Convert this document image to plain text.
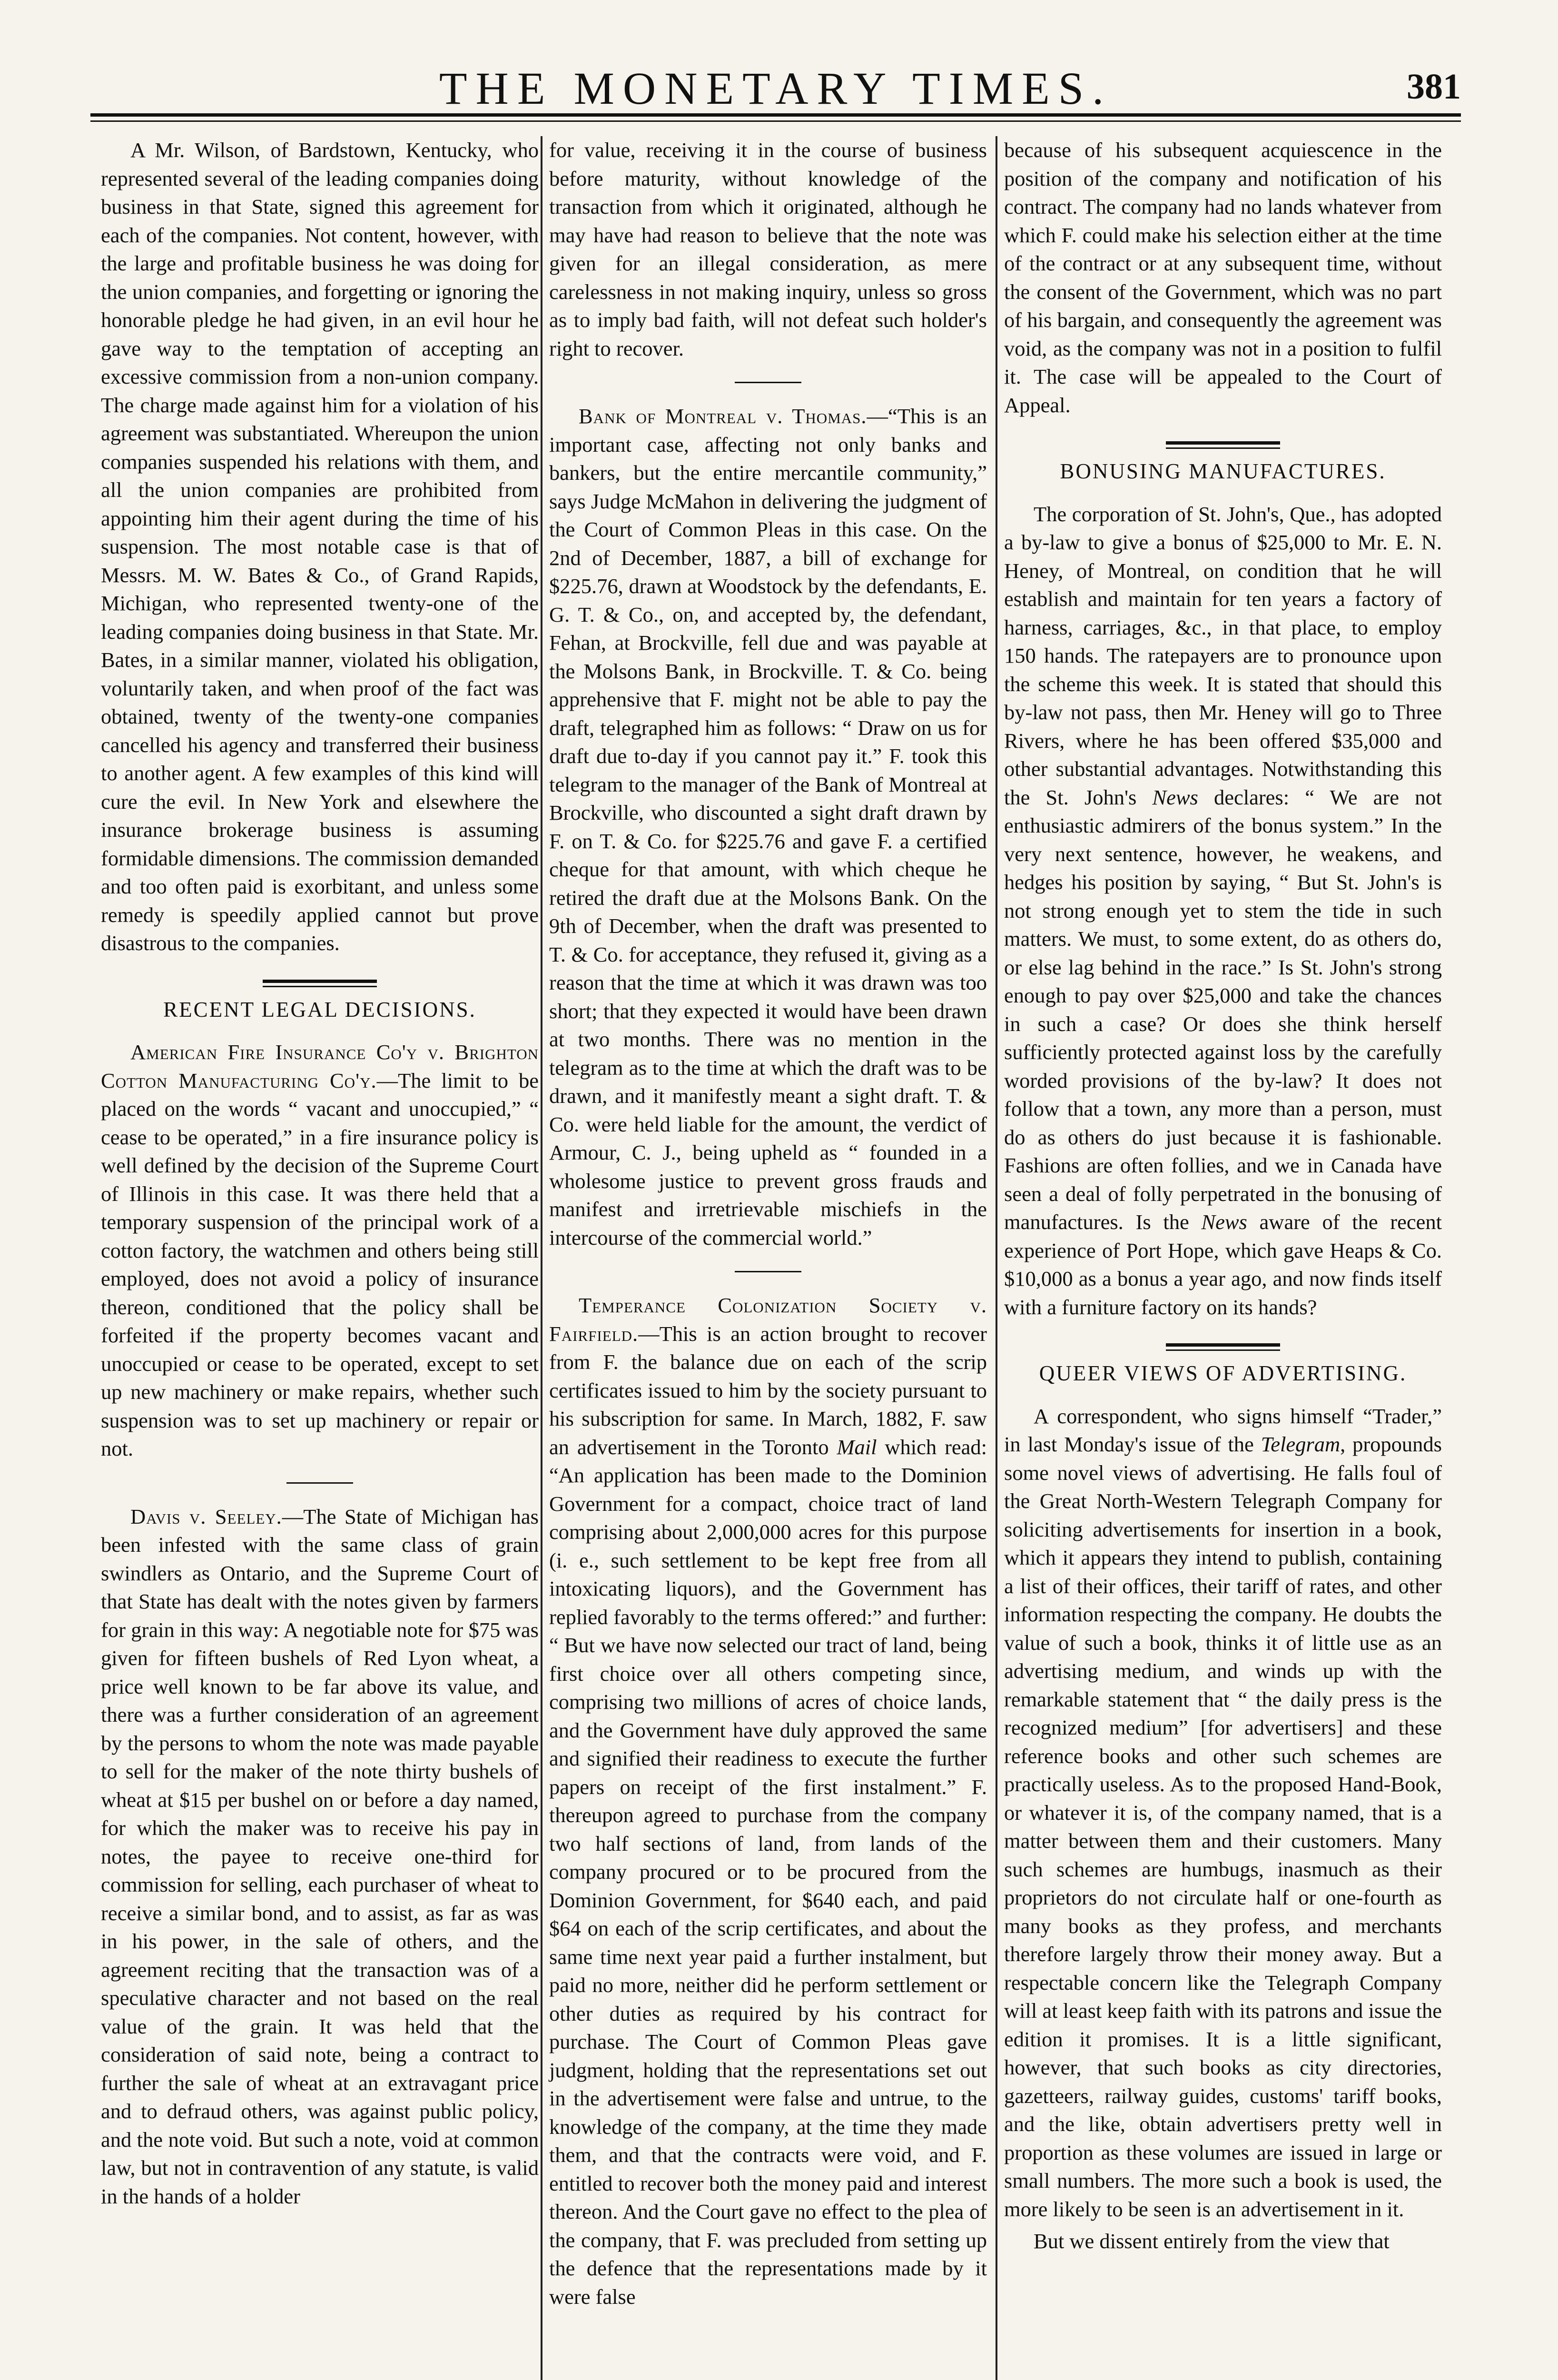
THE MONETARY TIMES.	381

A Mr. Wilson, of Bardstown, Kentucky, who represented several of the leading companies doing business in that State, signed this agreement for each of the companies. Not content, however, with the large and profitable business he was doing for the union companies, and forgetting or ignoring the honorable pledge he had given, in an evil hour he gave way to the temptation of accepting an excessive commission from a non-union company. The charge made against him for a violation of his agreement was substantiated. Whereupon the union companies suspended his relations with them, and all the union companies are prohibited from appointing him their agent during the time of his suspension. The most notable case is that of Messrs. M. W. Bates & Co., of Grand Rapids, Michigan, who represented twenty-one of the leading companies doing business in that State. Mr. Bates, in a similar manner, violated his obligation, voluntarily taken, and when proof of the fact was obtained, twenty of the twenty-one companies cancelled his agency and transferred their business to another agent. A few examples of this kind will cure the evil. In New York and elsewhere the insurance brokerage business is assuming formidable dimensions. The commission demanded and too often paid is exorbitant, and unless some remedy is speedily applied cannot but prove disastrous to the companies.

RECENT LEGAL DECISIONS.

American Fire Insurance Co'y v. Brighton Cotton Manufacturing Co'y.—The limit to be placed on the words “ vacant and unoccupied,” “ cease to be operated,” in a fire insurance policy is well defined by the decision of the Supreme Court of Illinois in this case. It was there held that a temporary suspension of the principal work of a cotton factory, the watchmen and others being still employed, does not avoid a policy of insurance thereon, conditioned that the policy shall be forfeited if the property becomes vacant and unoccupied or cease to be operated, except to set up new machinery or make repairs, whether such suspension was to set up machinery or repair or not.

Davis v. Seeley.—The State of Michigan has been infested with the same class of grain swindlers as Ontario, and the Supreme Court of that State has dealt with the notes given by farmers for grain in this way: A negotiable note for $75 was given for fifteen bushels of Red Lyon wheat, a price well known to be far above its value, and there was a further consideration of an agreement by the persons to whom the note was made payable to sell for the maker of the note thirty bushels of wheat at $15 per bushel on or before a day named, for which the maker was to receive his pay in notes, the payee to receive one-third for commission for selling, each purchaser of wheat to receive a similar bond, and to assist, as far as was in his power, in the sale of others, and the agreement reciting that the transaction was of a speculative character and not based on the real value of the grain. It was held that the consideration of said note, being a contract to further the sale of wheat at an extravagant price and to defraud others, was against public policy, and the note void. But such a note, void at common law, but not in contravention of any statute, is valid in the hands of a holder

for value, receiving it in the course of business before maturity, without knowledge of the transaction from which it originated, although he may have had reason to believe that the note was given for an illegal consideration, as mere carelessness in not making inquiry, unless so gross as to imply bad faith, will not defeat such holder's right to recover.

Bank of Montreal v. Thomas.—“This is an important case, affecting not only banks and bankers, but the entire mercantile community,” says Judge McMahon in delivering the judgment of the Court of Common Pleas in this case. On the 2nd of December, 1887, a bill of exchange for $225.76, drawn at Woodstock by the defendants, E. G. T. & Co., on, and accepted by, the defendant, Fehan, at Brockville, fell due and was payable at the Molsons Bank, in Brockville. T. & Co. being apprehensive that F. might not be able to pay the draft, telegraphed him as follows: “ Draw on us for draft due to-day if you cannot pay it.” F. took this telegram to the manager of the Bank of Montreal at Brockville, who discounted a sight draft drawn by F. on T. & Co. for $225.76 and gave F. a certified cheque for that amount, with which cheque he retired the draft due at the Molsons Bank. On the 9th of December, when the draft was presented to T. & Co. for acceptance, they refused it, giving as a reason that the time at which it was drawn was too short; that they expected it would have been drawn at two months. There was no mention in the telegram as to the time at which the draft was to be drawn, and it manifestly meant a sight draft. T. & Co. were held liable for the amount, the verdict of Armour, C. J., being upheld as “ founded in a wholesome justice to prevent gross frauds and manifest and irretrievable mischiefs in the intercourse of the commercial world.”

Temperance Colonization Society v. Fairfield.—This is an action brought to recover from F. the balance due on each of the scrip certificates issued to him by the society pursuant to his subscription for same. In March, 1882, F. saw an advertisement in the Toronto Mail which read: “An application has been made to the Dominion Government for a compact, choice tract of land comprising about 2,000,000 acres for this purpose (i. e., such settlement to be kept free from all intoxicating liquors), and the Government has replied favorably to the terms offered:” and further: “ But we have now selected our tract of land, being first choice over all others competing since, comprising two millions of acres of choice lands, and the Government have duly approved the same and signified their readiness to execute the further papers on receipt of the first instalment.” F. thereupon agreed to purchase from the company two half sections of land, from lands of the company procured or to be procured from the Dominion Government, for $640 each, and paid $64 on each of the scrip certificates, and about the same time next year paid a further instalment, but paid no more, neither did he perform settlement or other duties as required by his contract for purchase. The Court of Common Pleas gave judgment, holding that the representations set out in the advertisement were false and untrue, to the knowledge of the company, at the time they made them, and that the contracts were void, and F. entitled to recover both the money paid and interest thereon. And the Court gave no effect to the plea of the company, that F. was precluded from setting up the defence that the representations made by it were false

because of his subsequent acquiescence in the position of the company and notification of his contract. The company had no lands whatever from which F. could make his selection either at the time of the contract or at any subsequent time, without the consent of the Government, which was no part of his bargain, and consequently the agreement was void, as the company was not in a position to fulfil it. The case will be appealed to the Court of Appeal.

BONUSING MANUFACTURES.

The corporation of St. John's, Que., has adopted a by-law to give a bonus of $25,000 to Mr. E. N. Heney, of Montreal, on condition that he will establish and maintain for ten years a factory of harness, carriages, &c., in that place, to employ 150 hands. The ratepayers are to pronounce upon the scheme this week. It is stated that should this by-law not pass, then Mr. Heney will go to Three Rivers, where he has been offered $35,000 and other substantial advantages. Notwithstanding this the St. John's News declares: “ We are not enthusiastic admirers of the bonus system.” In the very next sentence, however, he weakens, and hedges his position by saying, “ But St. John's is not strong enough yet to stem the tide in such matters. We must, to some extent, do as others do, or else lag behind in the race.” Is St. John's strong enough to pay over $25,000 and take the chances in such a case? Or does she think herself sufficiently protected against loss by the carefully worded provisions of the by-law? It does not follow that a town, any more than a person, must do as others do just because it is fashionable. Fashions are often follies, and we in Canada have seen a deal of folly perpetrated in the bonusing of manufactures. Is the News aware of the recent experience of Port Hope, which gave Heaps & Co. $10,000 as a bonus a year ago, and now finds itself with a furniture factory on its hands?

QUEER VIEWS OF ADVERTISING.

A correspondent, who signs himself “Trader,” in last Monday's issue of the Telegram, propounds some novel views of advertising. He falls foul of the Great North-Western Telegraph Company for soliciting advertisements for insertion in a book, which it appears they intend to publish, containing a list of their offices, their tariff of rates, and other information respecting the company. He doubts the value of such a book, thinks it of little use as an advertising medium, and winds up with the remarkable statement that “ the daily press is the recognized medium” [for advertisers] and these reference books and other such schemes are practically useless. As to the proposed Hand-Book, or whatever it is, of the company named, that is a matter between them and their customers. Many such schemes are humbugs, inasmuch as their proprietors do not circulate half or one-fourth as many books as they profess, and merchants therefore largely throw their money away. But a respectable concern like the Telegraph Company will at least keep faith with its patrons and issue the edition it promises. It is a little significant, however, that such books as city directories, gazetteers, railway guides, customs' tariff books, and the like, obtain advertisers pretty well in proportion as these volumes are issued in large or small numbers. The more such a book is used, the more likely to be seen is an advertisement in it.

But we dissent entirely from the view that
